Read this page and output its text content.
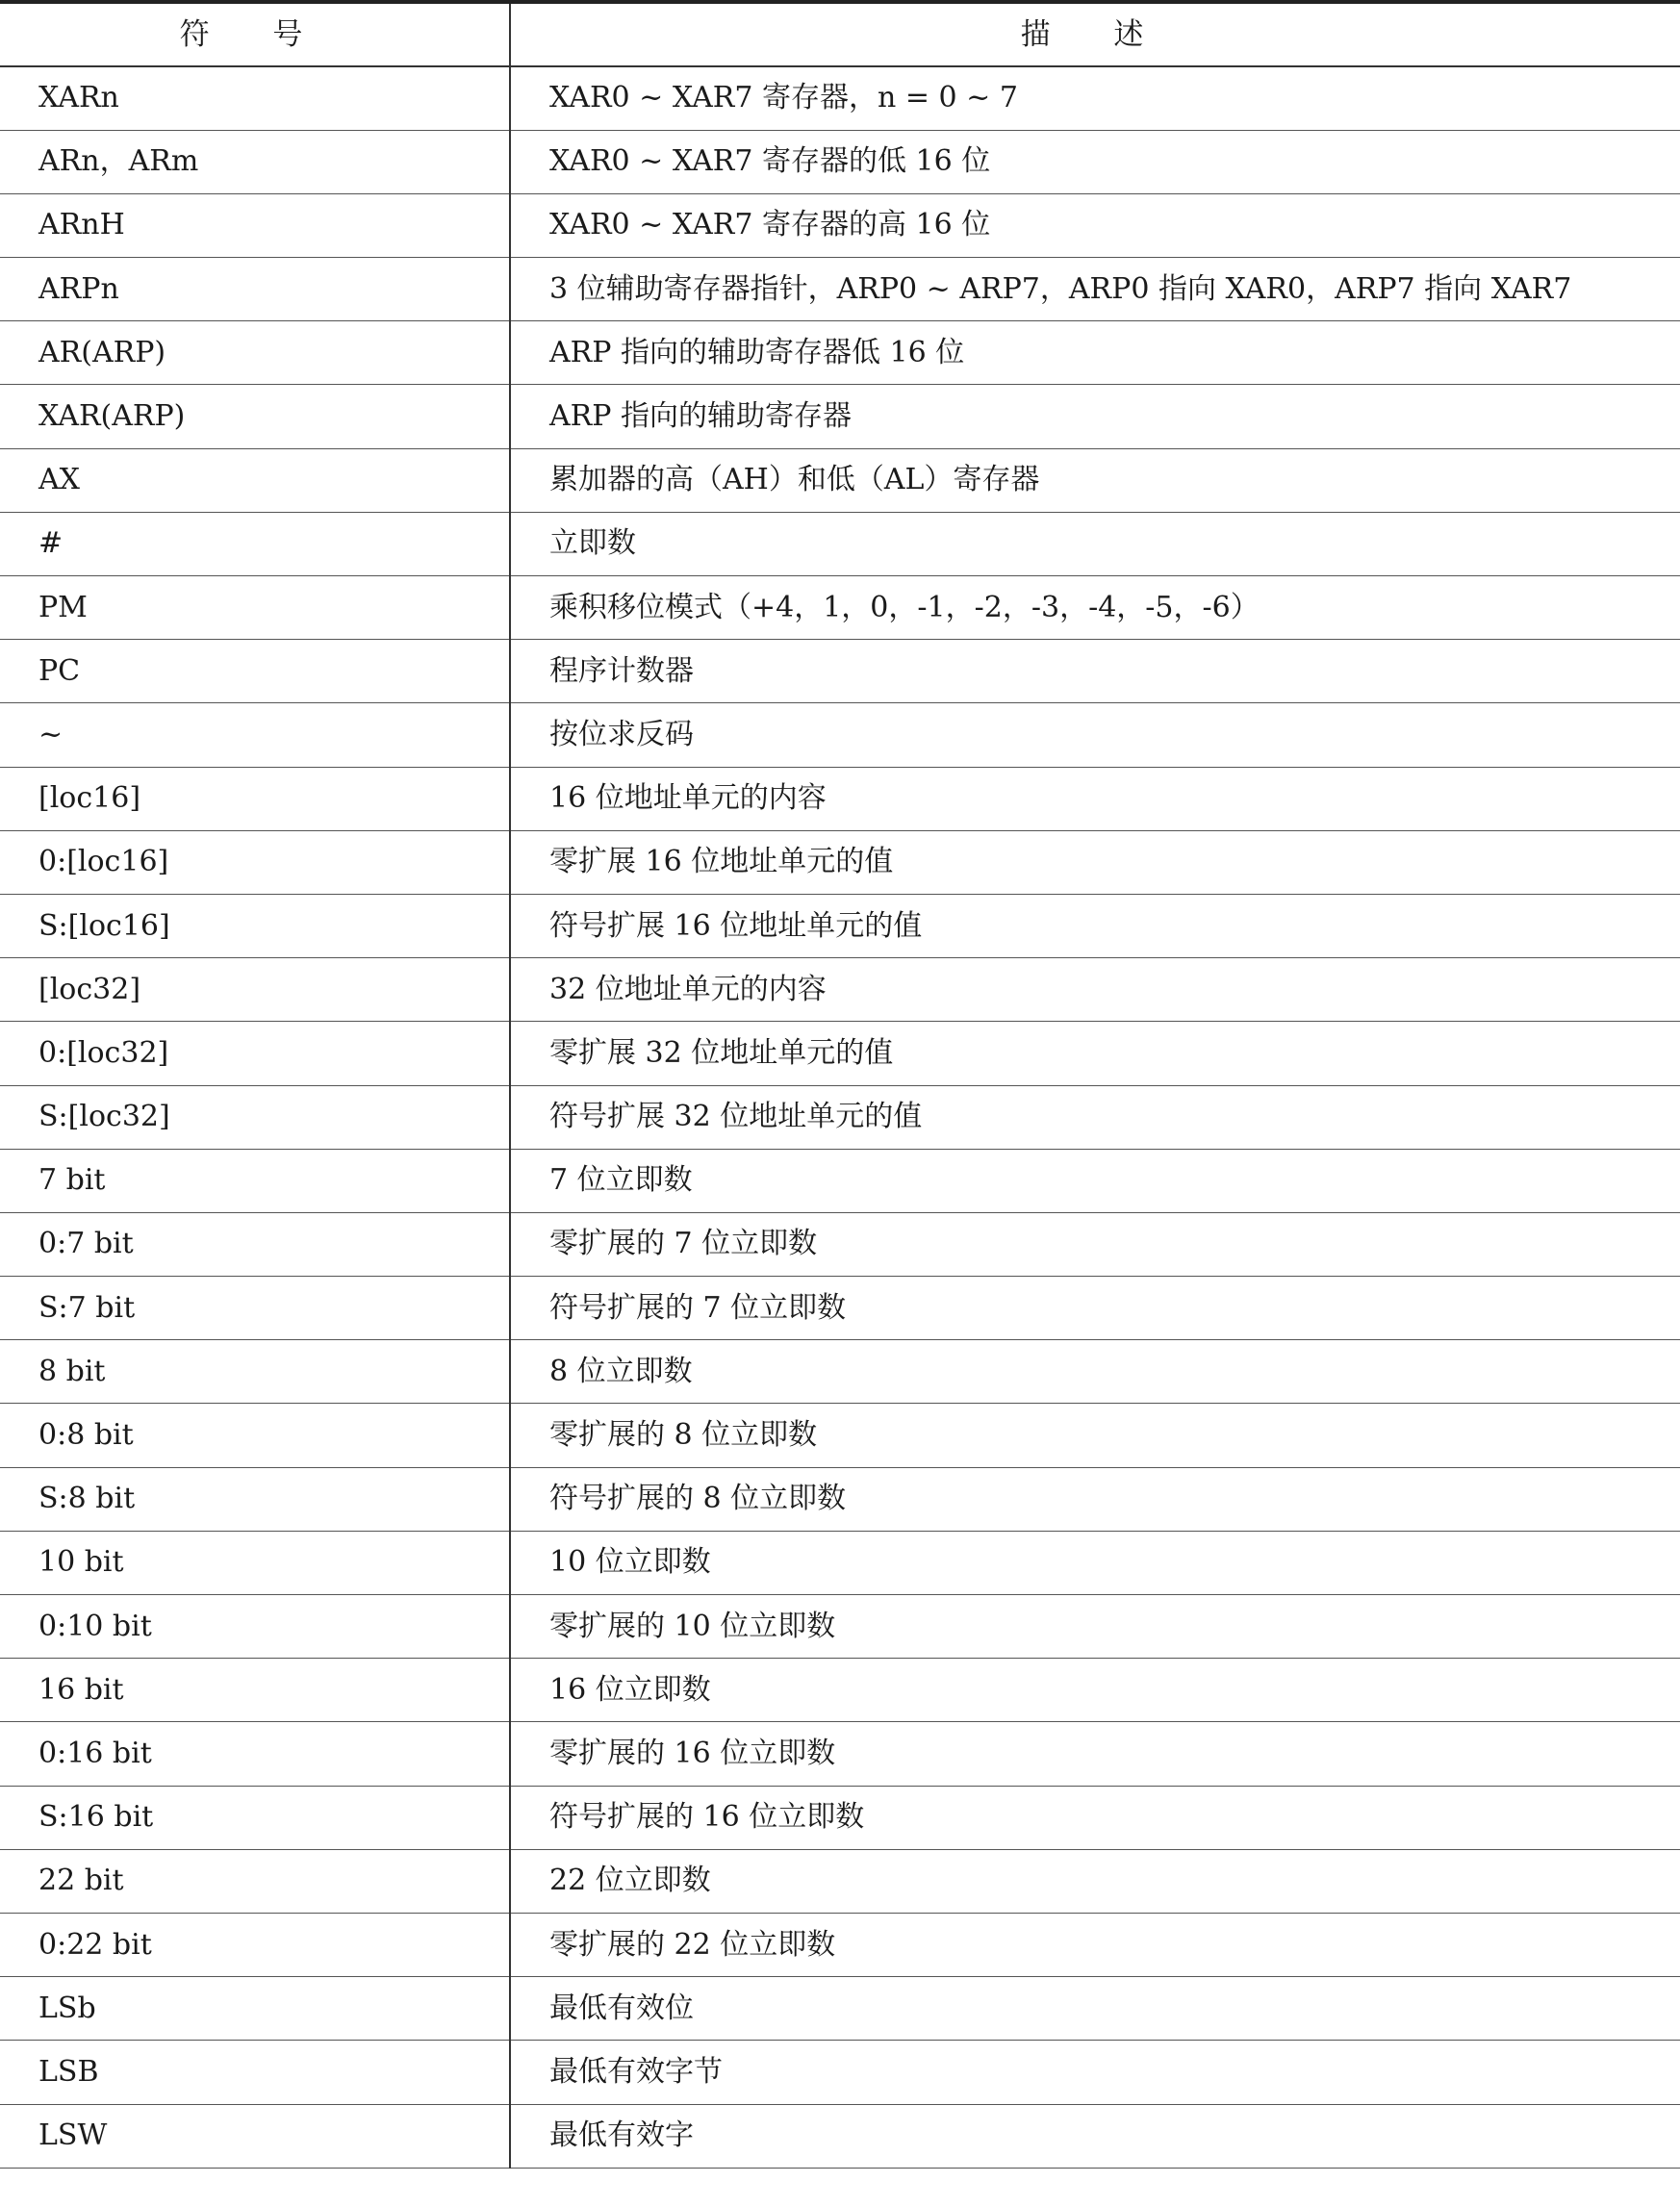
符 号	描 述
XARn	XAR0 ~ XAR7 寄存器，n = 0 ~ 7
ARn，ARm	XAR0 ~ XAR7 寄存器的低 16 位
ARnH	XAR0 ~ XAR7 寄存器的高 16 位
ARPn	3 位辅助寄存器指针，ARP0 ~ ARP7，ARP0 指向 XAR0，ARP7 指向 XAR7
AR(ARP)	ARP 指向的辅助寄存器低 16 位
XAR(ARP)	ARP 指向的辅助寄存器
AX	累加器的高（AH）和低（AL）寄存器
#	立即数
PM	乘积移位模式（+4，1，0，-1，-2，-3，-4，-5，-6）
PC	程序计数器
~	按位求反码
[loc16]	16 位地址单元的内容
0:[loc16]	零扩展 16 位地址单元的值
S:[loc16]	符号扩展 16 位地址单元的值
[loc32]	32 位地址单元的内容
0:[loc32]	零扩展 32 位地址单元的值
S:[loc32]	符号扩展 32 位地址单元的值
7 bit	7 位立即数
0:7 bit	零扩展的 7 位立即数
S:7 bit	符号扩展的 7 位立即数
8 bit	8 位立即数
0:8 bit	零扩展的 8 位立即数
S:8 bit	符号扩展的 8 位立即数
10 bit	10 位立即数
0:10 bit	零扩展的 10 位立即数
16 bit	16 位立即数
0:16 bit	零扩展的 16 位立即数
S:16 bit	符号扩展的 16 位立即数
22 bit	22 位立即数
0:22 bit	零扩展的 22 位立即数
LSb	最低有效位
LSB	最低有效字节
LSW	最低有效字
